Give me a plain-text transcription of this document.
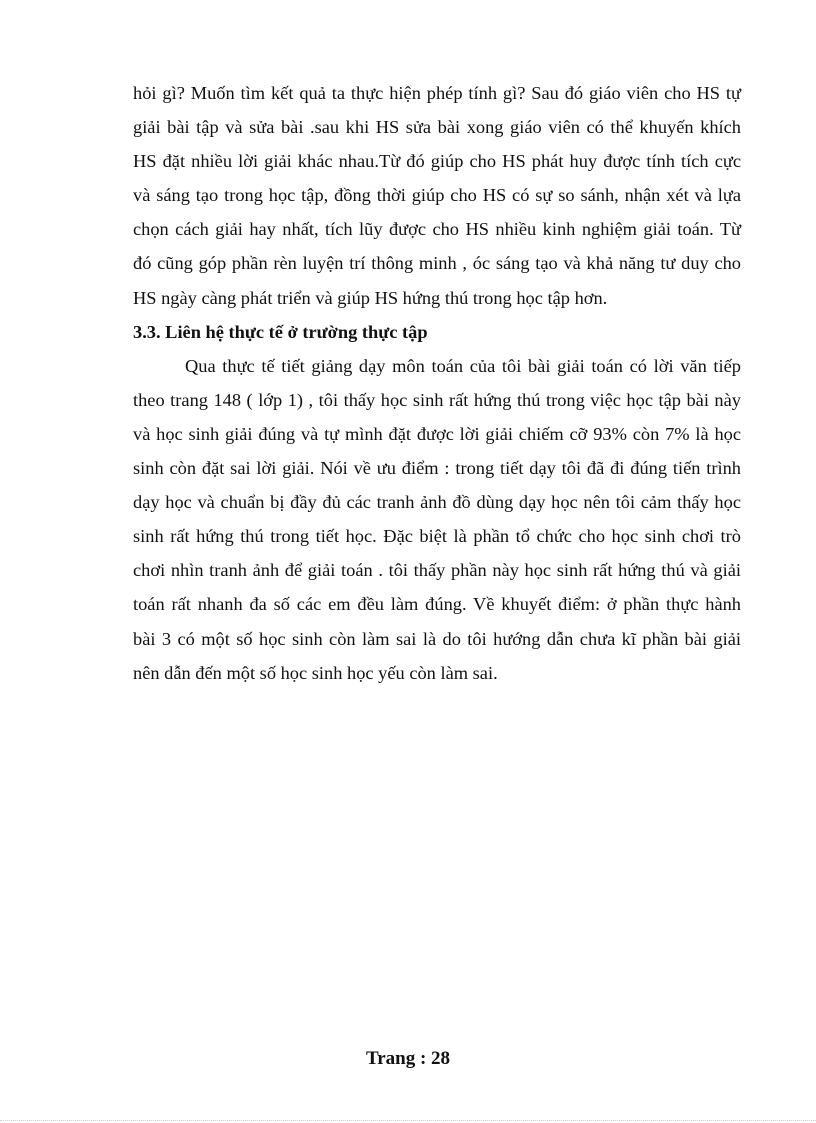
hỏi gì? Muốn tìm kết quả ta thực hiện phép tính gì? Sau đó giáo viên cho HS tự
giải bài tập và sửa bài .sau khi HS sửa bài xong giáo viên có thể khuyến khích
HS đặt nhiều lời giải khác nhau.Từ đó giúp cho HS phát huy được tính tích cực
và sáng tạo trong học tập, đồng thời giúp cho HS có sự so sánh, nhận xét và lựa
chọn cách giải hay nhất, tích lũy được cho HS nhiều kinh nghiệm giải toán. Từ
đó cũng góp phần rèn luyện trí thông minh , óc sáng tạo và khả năng tư duy cho
HS ngày càng phát triển và giúp HS hứng thú trong học tập hơn.
3.3. Liên hệ thực tế ở trường thực tập
Qua thực tế tiết giảng dạy môn toán của tôi bài giải toán có lời văn tiếp
theo trang 148 ( lớp 1) , tôi thấy học sinh rất hứng thú trong việc học tập bài này
và học sinh giải đúng và tự mình đặt được lời giải chiếm cỡ 93% còn 7% là học
sinh còn đặt sai lời giải. Nói về ưu điểm : trong tiết dạy tôi đã đi đúng tiến trình
dạy học và chuẩn bị đầy đủ các tranh ảnh đồ dùng dạy học nên tôi cảm thấy học
sinh rất hứng thú trong tiết học. Đặc biệt là phần tổ chức cho học sinh chơi trò
chơi nhìn tranh ảnh để giải toán . tôi thấy phần này học sinh rất hứng thú và giải
toán rất nhanh đa số các em đều làm đúng. Về khuyết điểm: ở phần thực hành
bài 3 có một số học sinh còn làm sai là do tôi hướng dẫn chưa kĩ phần bài giải
nên dẫn đến một số học sinh học yếu còn làm sai.
Trang : 28
